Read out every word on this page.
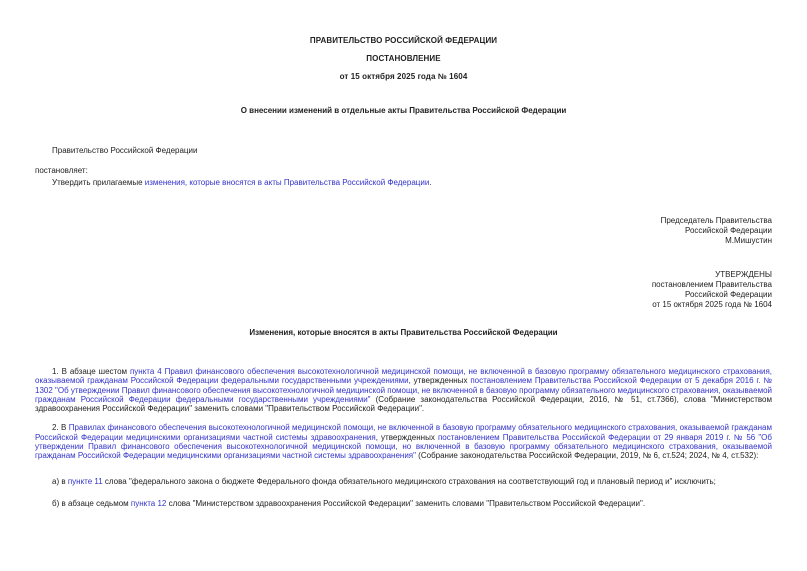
ПРАВИТЕЛЬСТВО РОССИЙСКОЙ ФЕДЕРАЦИИ
ПОСТАНОВЛЕНИЕ
от 15 октября 2025 года № 1604
О внесении изменений в отдельные акты Правительства Российской Федерации

Правительство Российской Федерации

постановляет:

Утвердить прилагаемые изменения, которые вносятся в акты Правительства Российской Федерации.

Председатель Правительства
Российской Федерации
М.Мишустин
УТВЕРЖДЕНЫ
постановлением Правительства
Российской Федерации
от 15 октября 2025 года № 1604
Изменения, которые вносятся в акты Правительства Российской Федерации

1. В абзаце шестом пункта 4 Правил финансового обеспечения высокотехнологичной медицинской помощи, не включенной в базовую программу обязательного медицинского страхования, оказываемой гражданам Российской Федерации федеральными государственными учреждениями, утвержденных постановлением Правительства Российской Федерации от 5 декабря 2016 г. № 1302 "Об утверждении Правил финансового обеспечения высокотехнологичной медицинской помощи, не включенной в базовую программу обязательного медицинского страхования, оказываемой гражданам Российской Федерации федеральными государственными учреждениями" (Собрание законодательства Российской Федерации, 2016, № 51, ст.7366), слова "Министерством здравоохранения Российской Федерации" заменить словами "Правительством Российской Федерации".

2. В Правилах финансового обеспечения высокотехнологичной медицинской помощи, не включенной в базовую программу обязательного медицинского страхования, оказываемой гражданам Российской Федерации медицинскими организациями частной системы здравоохранения, утвержденных постановлением Правительства Российской Федерации от 29 января 2019 г. № 56 "Об утверждении Правил финансового обеспечения высокотехнологичной медицинской помощи, но включенной в базовую программу обязательного медицинского страхования, оказываемой гражданам Российской Федерации медицинскими организациями частной системы здравоохранения" (Собрание законодательства Российской Федерации, 2019, № 6, ст.524; 2024, № 4, ст.532):

а) в пункте 11 слова "федерального закона о бюджете Федерального фонда обязательного медицинского страхования на соответствующий год и плановый период и" исключить;

б) в абзаце седьмом пункта 12 слова "Министерством здравоохранения Российской Федерации" заменить словами "Правительством Российской Федерации".
